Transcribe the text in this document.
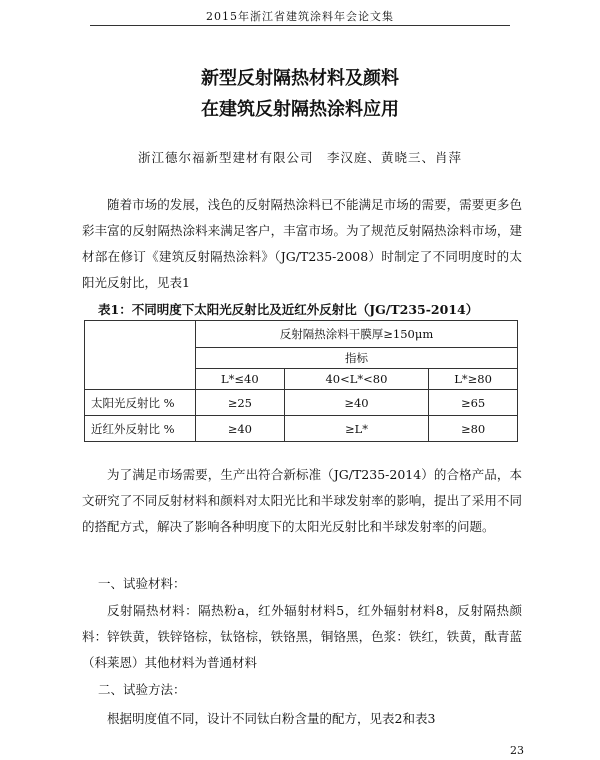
2015年浙江省建筑涂料年会论文集
新型反射隔热材料及颜料
在建筑反射隔热涂料应用
浙江德尔福新型建材有限公司　李汉庭、黄晓三、肖萍

随着市场的发展，浅色的反射隔热涂料已不能满足市场的需要，需要更多色彩丰富的反射隔热涂料来满足客户，丰富市场。为了规范反射隔热涂料市场，建材部在修订《建筑反射隔热涂料》（JG/T235-2008）时制定了不同明度时的太阳光反射比，见表1

表1：不同明度下太阳光反射比及近红外反射比（JG/T235-2014）
	反射隔热涂料干膜厚≥150μm		
	指标		
	L*≤40	40<L*<80	L*≥80
太阳光反射比 %	≥25	≥40	≥65
近红外反射比 %	≥40	≥L*	≥80

为了满足市场需要，生产出符合新标准（JG/T235-2014）的合格产品，本文研究了不同反射材料和颜料对太阳光比和半球发射率的影响，提出了采用不同的搭配方式，解决了影响各种明度下的太阳光反射比和半球发射率的问题。

一、试验材料：

反射隔热材料：隔热粉a，红外辐射材料5，红外辐射材料8，反射隔热颜料：锌铁黄，铁锌铬棕，钛铬棕，铁铬黑，铜铬黑，色浆：铁红，铁黄，酞青蓝（科莱恩）其他材料为普通材料

二、试验方法：

根据明度值不同，设计不同钛白粉含量的配方，见表2和表3

23
